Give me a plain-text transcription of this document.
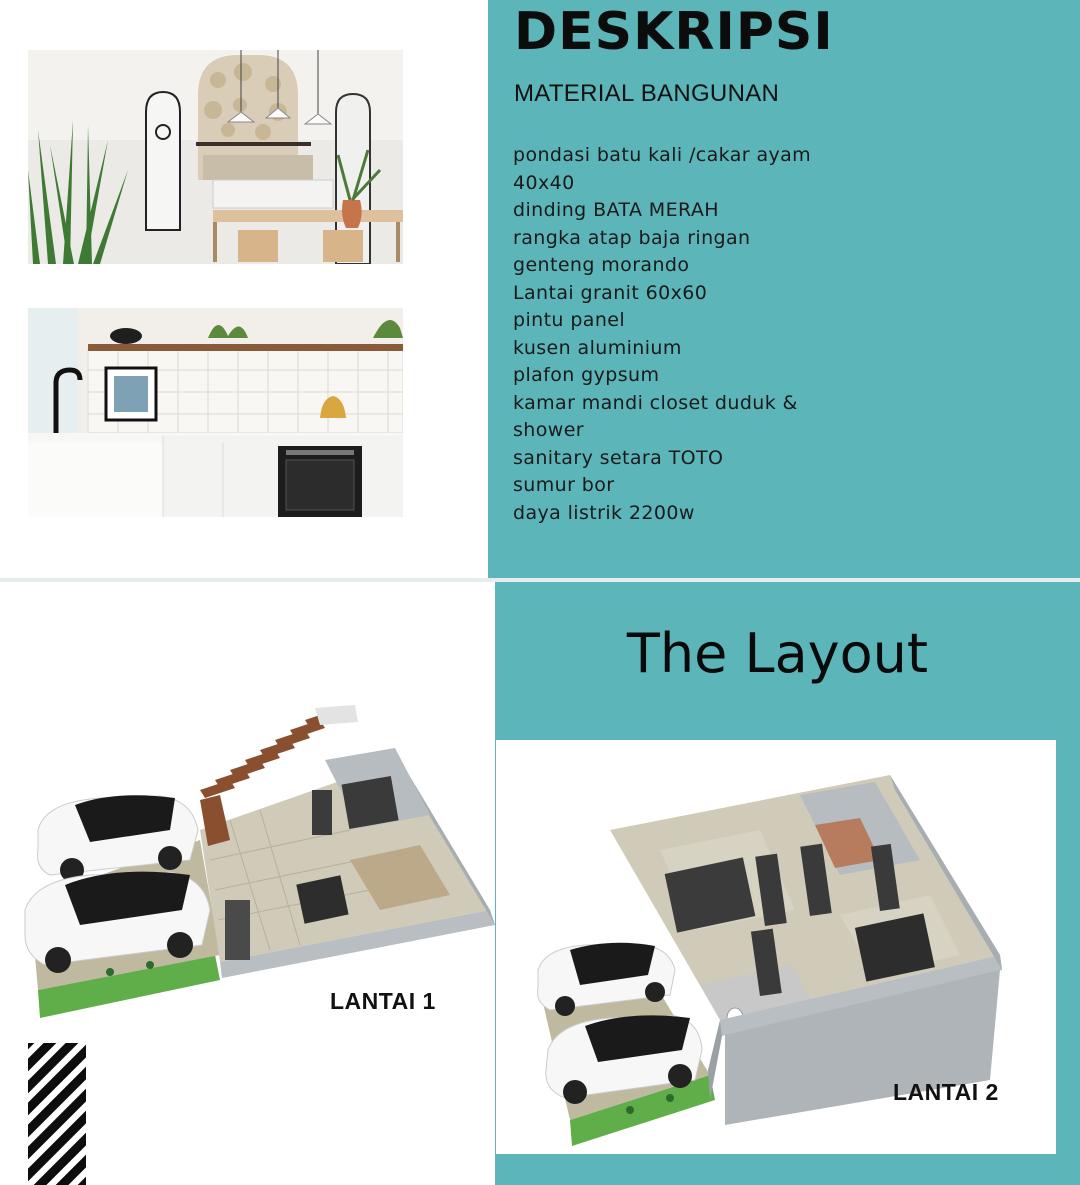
DESKRIPSI
MATERIAL BANGUNAN
pondasi batu kali /cakar ayam
40x40
dinding BATA MERAH
rangka atap baja ringan
genteng morando
Lantai granit 60x60
pintu panel
kusen aluminium
plafon gypsum
kamar mandi closet duduk &
shower
sanitary setara TOTO
sumur bor
daya listrik 2200w
The Layout
LANTAI 1
LANTAI 2
